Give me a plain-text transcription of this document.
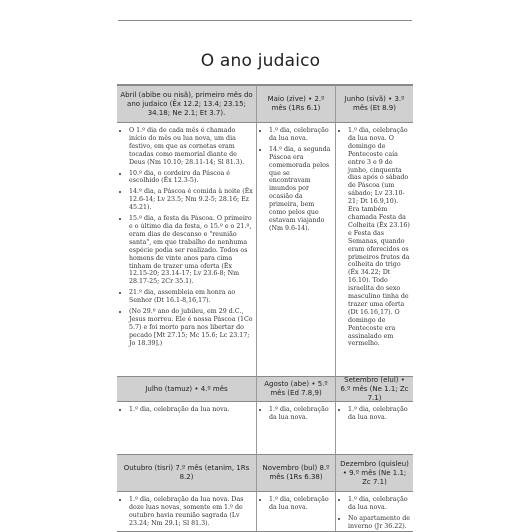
O ano judaico
Abril (abibe ou nisã), primeiro mês do ano judaico (Êx 12.2; 13.4; 23.15; 34.18; Ne 2.1; Et 3.7).
Maio (zive) • 2.º mês (1Rs 6.1)
Junho (sivã) • 3.º mês (Et 8.9)
• O 1.º dia de cada mês é chamado início do mês ou lua nova, um dia festivo, em que as cornetas eram tocadas como memorial diante de Deus (Nm 10.10; 28.11-14; Sl 81.3).
• 10.º dia, o cordeiro da Páscoa é escolhido (Êx 12.3-5).
• 14.º dia, a Páscoa é comida à noite (Êx 12.6-14; Lv 23.5; Nm 9.2-5; 28.16; Ez 45.21).
• 15.º dia, a festa da Páscoa. O primeiro e o último dia da festa, o 15.º e o 21.º, eram dias de descanso e "reunião santa", em que trabalho de nenhuma espécie podia ser realizado. Todos os homens de vinte anos para cima tinham de trazer uma oferta (Êx 12.15-20; 23.14-17; Lv 23.6-8; Nm 28.17-25; 2Cr 35.1).
• 21.º dia, assembleia em honra ao Senhor (Dt 16.1-8,16,17).
• (No 29.º ano do jubileu, em 29 d.C., Jesus morreu. Ele é nossa Páscoa (1Co 5.7) e foi morto para nos libertar do pecado [Mt 27.15; Mc 15.6; Lc 23.17; Jo 18.39].)
• 1.º dia, celebração da lua nova.
• 14.º dia, a segunda Páscoa era comemorada pelos que se encontravam imundos por ocasião da primeira, bem como pelos que estavam viajando (Nm 9.6-14).
• 1.º dia, celebração da lua nova. O domingo de Pentecoste caía entre 3 e 9 de junho, cinquenta dias após o sábado de Páscoa (um sábado; Lv 23.10-21; Dt 16.9,10). Era também chamada Festa da Colheita (Êx 23.16) e Festa das Semanas, quando eram oferecidos os primeiros frutos da colheita do trigo (Êx 34.22; Dt 16.10). Todo israelita do sexo masculino tinha de trazer uma oferta (Dt 16.16,17). O domingo de Pentecoste era assinalado em vermelho.
Julho (tamuz) • 4.º mês
Agosto (abe) • 5.º mês (Ed 7.8,9)
Setembro (elul) • 6.º mês (Ne 1.1; Zc 7.1)
• 1.º dia, celebração da lua nova.
•	1.º dia, celebração da lua nova.
• 1.º dia, celebração da lua nova.
Outubro (tisri) 7.º mês (etanim, 1Rs 8.2)
Novembro (bul) 8.º mês (1Rs 6.38)
Dezembro (quisleu) • 9.º mês (Ne 1.1; Zc 7.1)
• 1.º dia, celebração da lua nova. Das doze luas novas, somente em 1.º de outubro havia reunião sagrada (Lv 23.24; Nm 29.1; Sl 81.3).
• 1.º dia, celebração da lua nova.
• 1.º dia, celebração da lua nova.
• No apartamento de inverno (Jr 36.22).
